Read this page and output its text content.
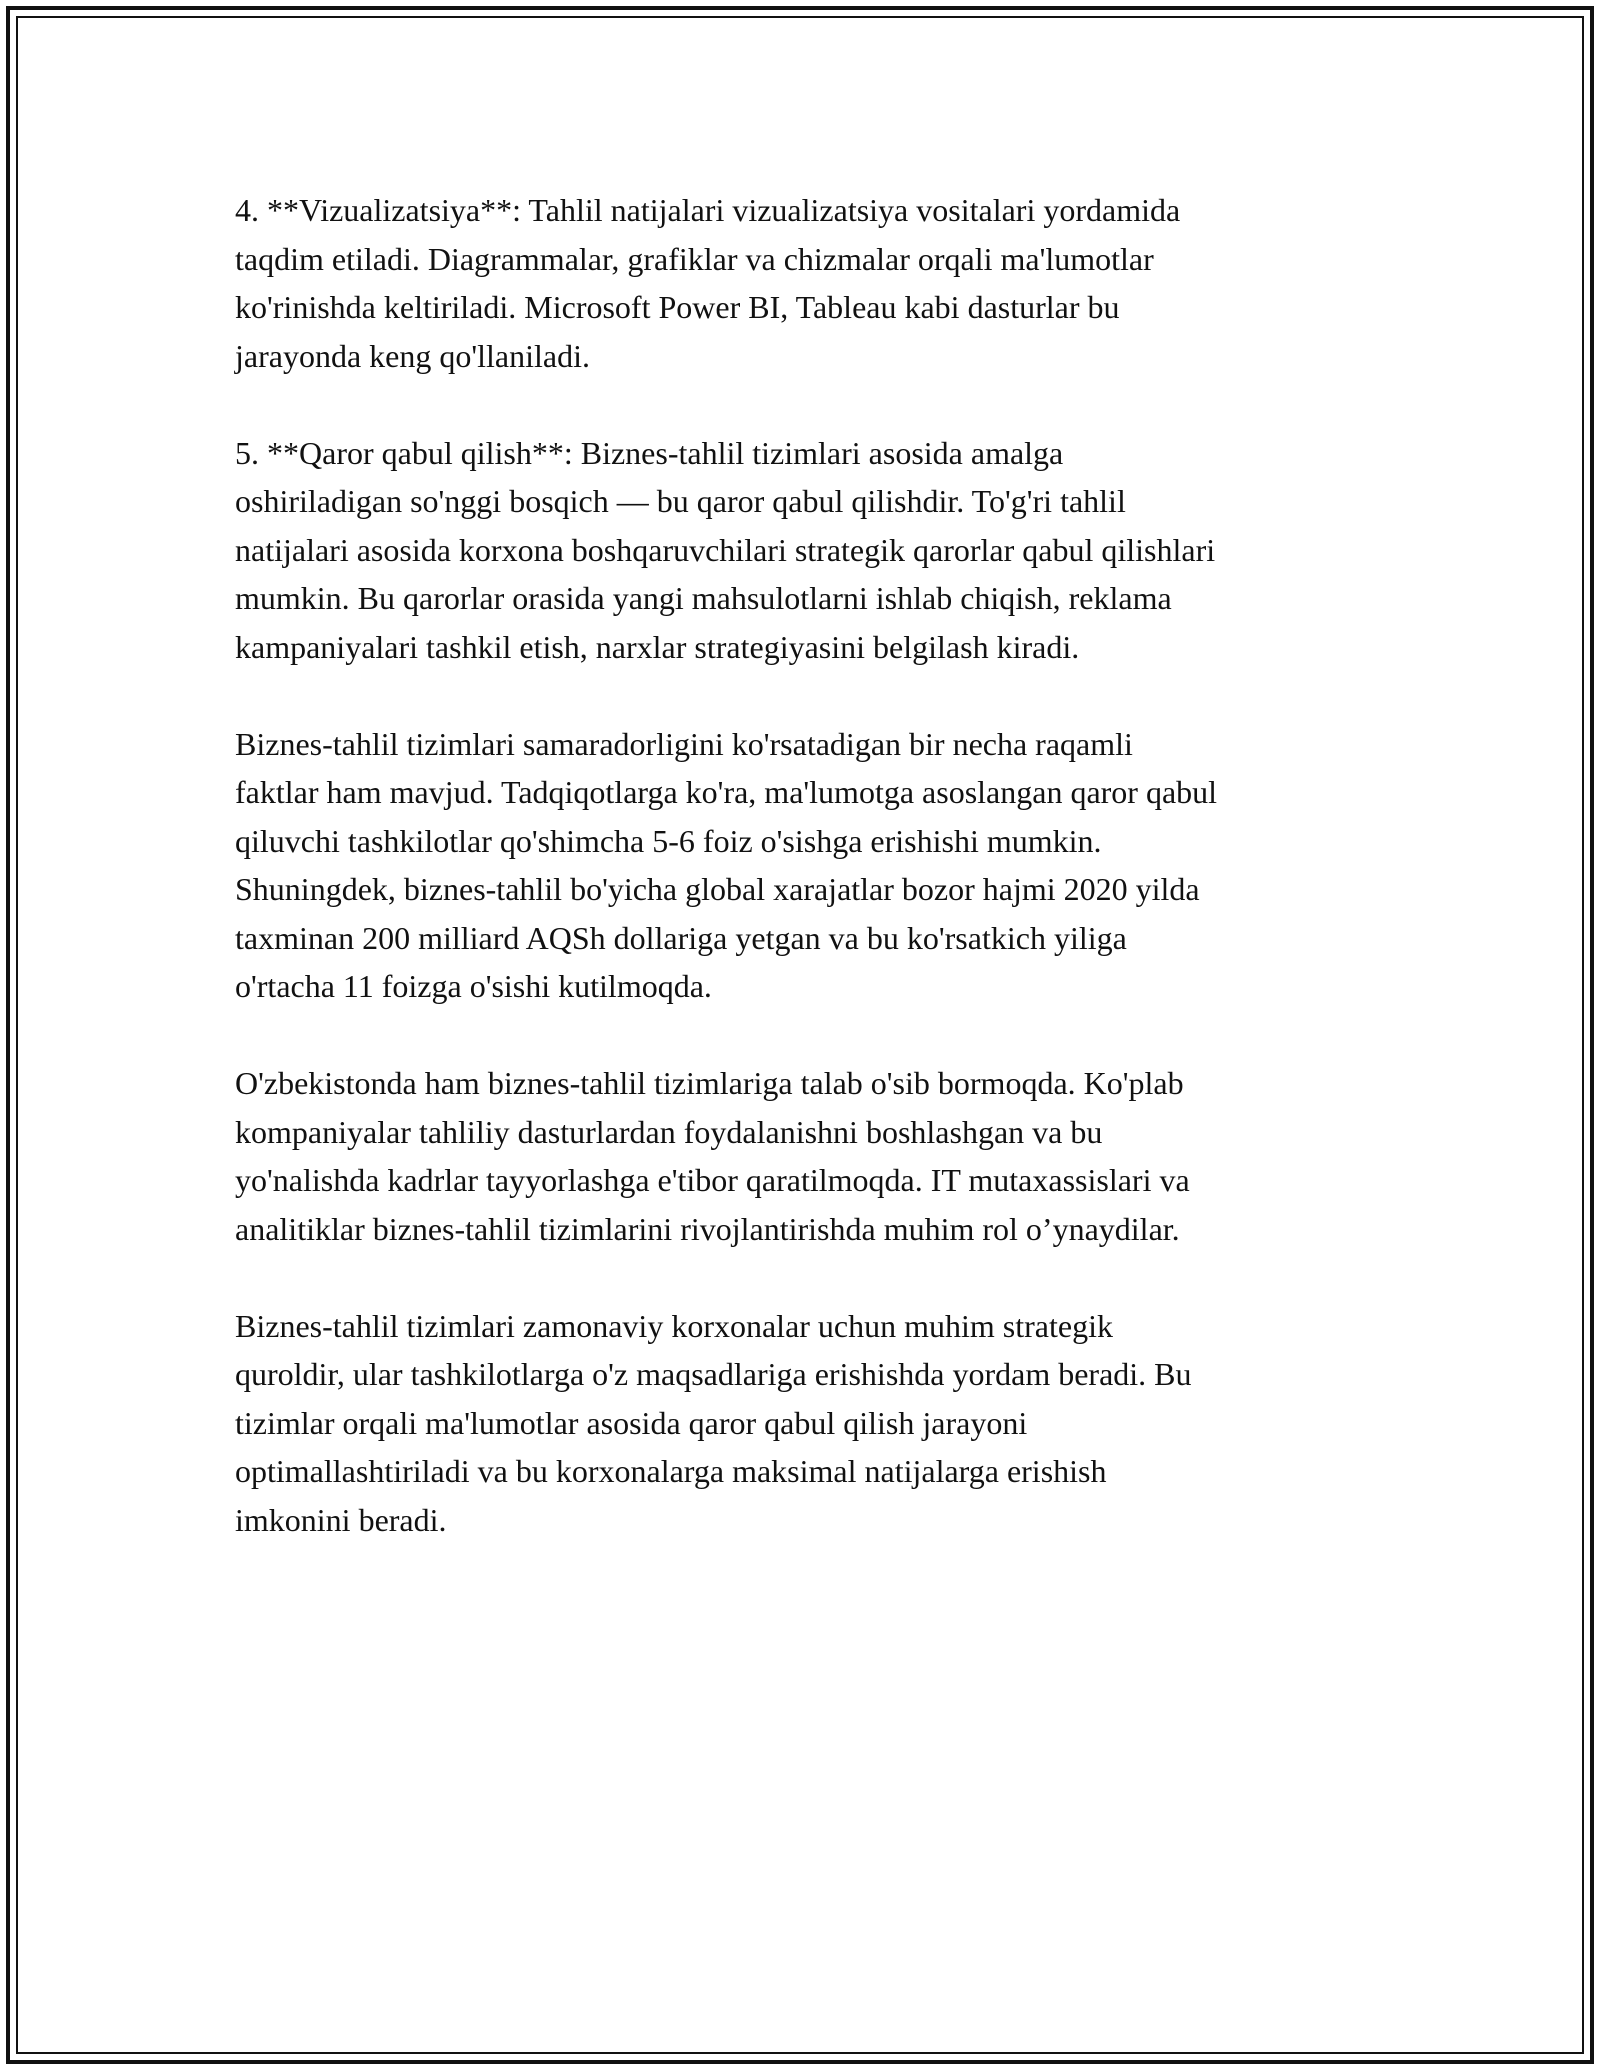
4. **Vizualizatsiya**: Tahlil natijalari vizualizatsiya vositalari yordamida
taqdim etiladi. Diagrammalar, grafiklar va chizmalar orqali ma'lumotlar
ko'rinishda keltiriladi. Microsoft Power BI, Tableau kabi dasturlar bu
jarayonda keng qo'llaniladi.

5. **Qaror qabul qilish**: Biznes-tahlil tizimlari asosida amalga
oshiriladigan so'nggi bosqich — bu qaror qabul qilishdir. To'g'ri tahlil
natijalari asosida korxona boshqaruvchilari strategik qarorlar qabul qilishlari
mumkin. Bu qarorlar orasida yangi mahsulotlarni ishlab chiqish, reklama
kampaniyalari tashkil etish, narxlar strategiyasini belgilash kiradi.

Biznes-tahlil tizimlari samaradorligini ko'rsatadigan bir necha raqamli
faktlar ham mavjud. Tadqiqotlarga ko'ra, ma'lumotga asoslangan qaror qabul
qiluvchi tashkilotlar qo'shimcha 5-6 foiz o'sishga erishishi mumkin.
Shuningdek, biznes-tahlil bo'yicha global xarajatlar bozor hajmi 2020 yilda
taxminan 200 milliard AQSh dollariga yetgan va bu ko'rsatkich yiliga
o'rtacha 11 foizga o'sishi kutilmoqda.

O'zbekistonda ham biznes-tahlil tizimlariga talab o'sib bormoqda. Ko'plab
kompaniyalar tahliliy dasturlardan foydalanishni boshlashgan va bu
yo'nalishda kadrlar tayyorlashga e'tibor qaratilmoqda. IT mutaxassislari va
analitiklar biznes-tahlil tizimlarini rivojlantirishda muhim rol o’ynaydilar.

Biznes-tahlil tizimlari zamonaviy korxonalar uchun muhim strategik
quroldir, ular tashkilotlarga o'z maqsadlariga erishishda yordam beradi. Bu
tizimlar orqali ma'lumotlar asosida qaror qabul qilish jarayoni
optimallashtiriladi va bu korxonalarga maksimal natijalarga erishish
imkonini beradi.
